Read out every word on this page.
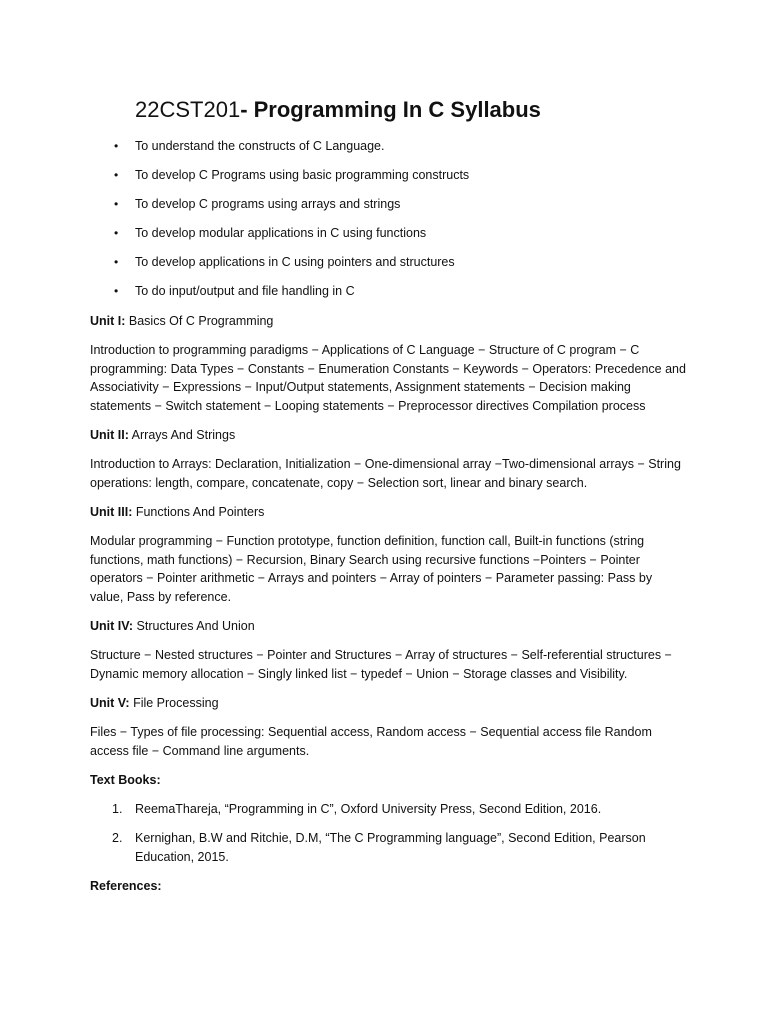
22CST201- Programming In C Syllabus
• To understand the constructs of C Language.
• To develop C Programs using basic programming constructs
• To develop C programs using arrays and strings
• To develop modular applications in C using functions
• To develop applications in C using pointers and structures
• To do input/output and file handling in C

Unit I: Basics Of C Programming

Introduction to programming paradigms − Applications of C Language − Structure of C program − C programming: Data Types − Constants − Enumeration Constants − Keywords − Operators: Precedence and Associativity − Expressions − Input/Output statements, Assignment statements − Decision making statements − Switch statement − Looping statements − Preprocessor directives Compilation process

Unit II: Arrays And Strings

Introduction to Arrays: Declaration, Initialization − One-dimensional array −Two-dimensional arrays − String operations: length, compare, concatenate, copy − Selection sort, linear and binary search.

Unit III: Functions And Pointers

Modular programming − Function prototype, function definition, function call, Built-in functions (string functions, math functions) − Recursion, Binary Search using recursive functions −Pointers − Pointer operators − Pointer arithmetic − Arrays and pointers − Array of pointers − Parameter passing: Pass by value, Pass by reference.

Unit IV: Structures And Union

Structure − Nested structures − Pointer and Structures − Array of structures − Self-referential structures − Dynamic memory allocation − Singly linked list − typedef − Union − Storage classes and Visibility.

Unit V: File Processing

Files − Types of file processing: Sequential access, Random access − Sequential access file Random access file − Command line arguments.

Text Books:

1. ReemaThareja, “Programming in C”, Oxford University Press, Second Edition, 2016.
2. Kernighan, B.W and Ritchie, D.M, “The C Programming language”, Second Edition, Pearson Education, 2015.

References:
